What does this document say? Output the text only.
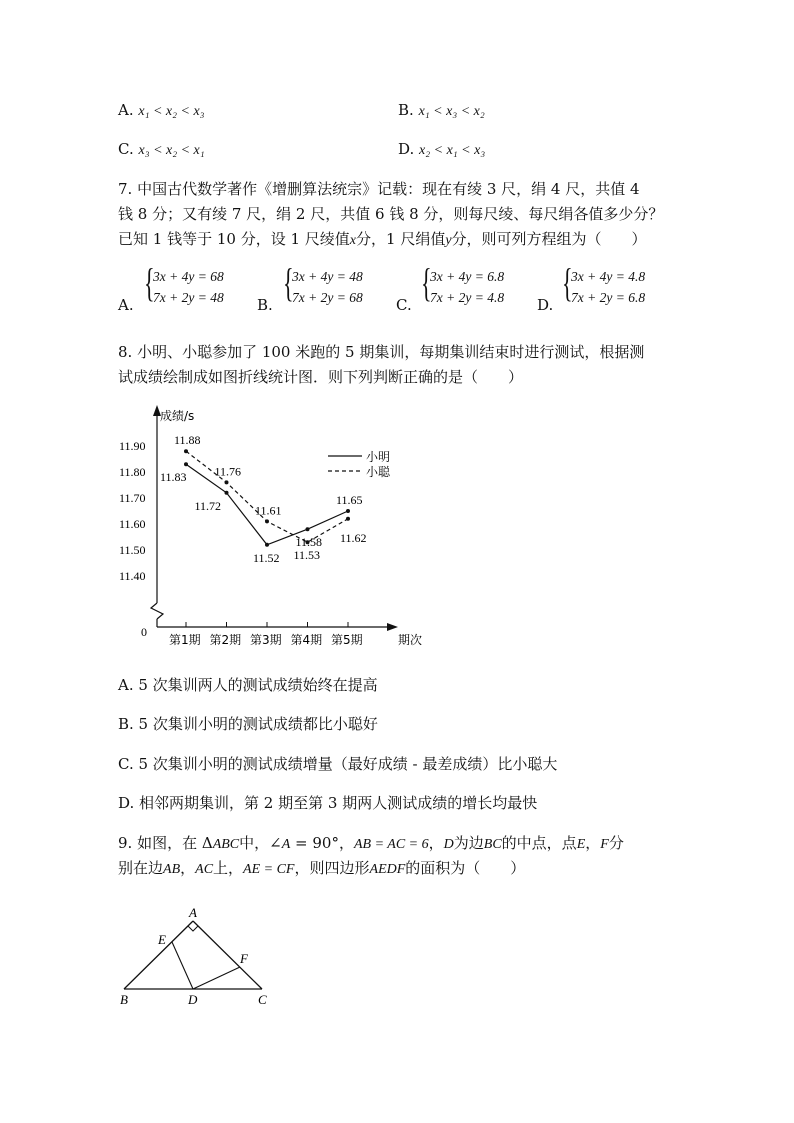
A. x₁ < x₂ < x₃	B. x₁ < x₃ < x₂
C. x₃ < x₂ < x₁	D. x₂ < x₁ < x₃
7. 中国古代数学著作《增删算法统宗》记载：现在有绫 3 尺，绢 4 尺，共值 4
钱 8 分；又有绫 7 尺，绢 2 尺，共值 6 钱 8 分，则每尺绫、每尺绢各值多少分？
已知 1 钱等于 10 分，设 1 尺绫值x分，1 尺绢值y分，则可列方程组为（　　）
A. {
3x + 4y = 68
7x + 2y = 48 B. {
3x + 4y = 48
7x + 2y = 68 C. {
3x + 4y = 6.8
7x + 2y = 4.8 D. {
3x + 4y = 4.8
7x + 2y = 6.8
8. 小明、小聪参加了 100 米跑的 5 期集训，每期集训结束时进行测试，根据测
试成绩绘制成如图折线统计图．则下列判断正确的是（　　）
成绩/s
期次
0
小明
小聪
11.90
11.80
11.70
11.60
11.50
11.40
第1期 第2期 第3期 第4期 第5期
11.83
11.72
11.52
11.58
11.65
11.88
11.76
11.61
11.53
11.62
A. 5 次集训两人的测试成绩始终在提高
B. 5 次集训小明的测试成绩都比小聪好
C. 5 次集训小明的测试成绩增量（最好成绩 - 最差成绩）比小聪大
D. 相邻两期集训，第 2 期至第 3 期两人测试成绩的增长均最快
9. 如图，在 ΔABC中，∠A = 90°，AB = AC = 6，D为边BC的中点，点E，F分
别在边AB，AC上，AE = CF，则四边形AEDF的面积为（　　）
A
E
F
B	D	C
